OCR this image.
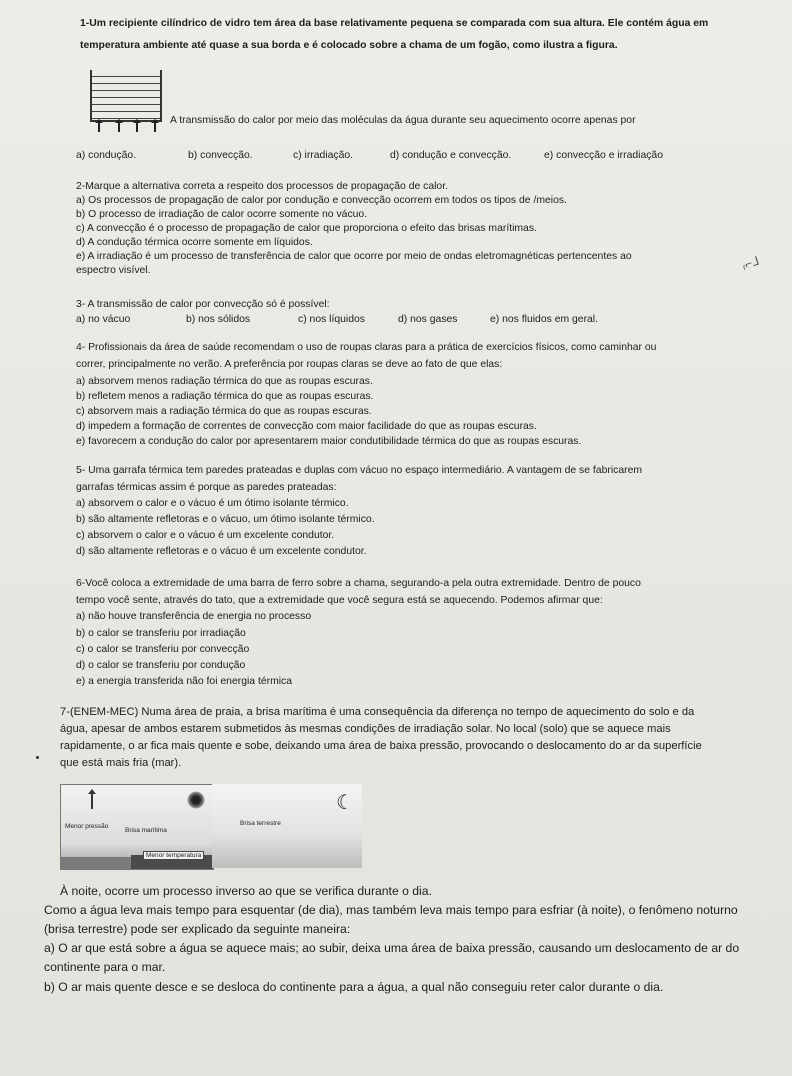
1-Um recipiente cilíndrico de vidro tem área da base relativamente pequena se comparada com sua altura. Ele contém água em
temperatura ambiente até quase a sua borda e é colocado sobre a chama de um fogão, como ilustra a figura.
A transmissão do calor por meio das moléculas da água durante seu aquecimento ocorre apenas por
a) condução.	b) convecção.	c) irradiação.	d) condução e convecção.	e) convecção e irradiação
2-Marque a alternativa correta a respeito dos processos de propagação de calor.
a) Os processos de propagação de calor por condução e convecção ocorrem em todos os tipos de /meios.
b) O processo de irradiação de calor ocorre somente no vácuo.
c) A convecção é o processo de propagação de calor que proporciona o efeito das brisas marítimas.
d) A condução térmica ocorre somente em líquidos.
e) A irradiação é um processo de transferência de calor que ocorre por meio de ondas eletromagnéticas pertencentes ao
espectro visível.	ᵣ⌐ᒧ
3- A transmissão de calor por convecção só é possível:
a) no vácuo	b) nos sólidos	c) nos líquidos	d) nos gases	e) nos fluidos em geral.
4- Profissionais da área de saúde recomendam o uso de roupas claras para a prática de exercícios físicos, como caminhar ou
correr, principalmente no verão. A preferência por roupas claras se deve ao fato de que elas:
a) absorvem menos radiação térmica do que as roupas escuras.
b) refletem menos a radiação térmica do que as roupas escuras.
c) absorvem mais a radiação térmica do que as roupas escuras.
d) impedem a formação de correntes de convecção com maior facilidade do que as roupas escuras.
e) favorecem a condução do calor por apresentarem maior condutibilidade térmica do que as roupas escuras.
5- Uma garrafa térmica tem paredes prateadas e duplas com vácuo no espaço intermediário. A vantagem de se fabricarem
garrafas térmicas assim é porque as paredes prateadas:
a) absorvem o calor e o vácuo é um ótimo isolante térmico.
b) são altamente refletoras e o vácuo, um ótimo isolante térmico.
c) absorvem o calor e o vácuo é um excelente condutor.
d) são altamente refletoras e o vácuo é um excelente condutor.
6-Você coloca a extremidade de uma barra de ferro sobre a chama, segurando-a pela outra extremidade. Dentro de pouco
tempo você sente, através do tato, que a extremidade que você segura está se aquecendo. Podemos afirmar que:
a) não houve transferência de energia no processo
b) o calor se transferiu por irradiação
c) o calor se transferiu por convecção
d) o calor se transferiu por condução
e) a energia transferida não foi energia térmica
7-(ENEM-MEC) Numa área de praia, a brisa marítima é uma consequência da diferença no tempo de aquecimento do solo e da
água, apesar de ambos estarem submetidos às mesmas condições de irradiação solar. No local (solo) que se aquece mais
rapidamente, o ar fica mais quente e sobe, deixando uma área de baixa pressão, provocando o deslocamento do ar da superfície
que está mais fria (mar).
Menor pressão
Brisa marítima
Menor temperatura
☾
Brisa terrestre
À noite, ocorre um processo inverso ao que se verifica durante o dia.
Como a água leva mais tempo para esquentar (de dia), mas também leva mais tempo para esfriar (à noite), o fenômeno noturno
(brisa terrestre) pode ser explicado da seguinte maneira:
a) O ar que está sobre a água se aquece mais; ao subir, deixa uma área de baixa pressão, causando um deslocamento de ar do
continente para o mar.
b) O ar mais quente desce e se desloca do continente para a água, a qual não conseguiu reter calor durante o dia.
